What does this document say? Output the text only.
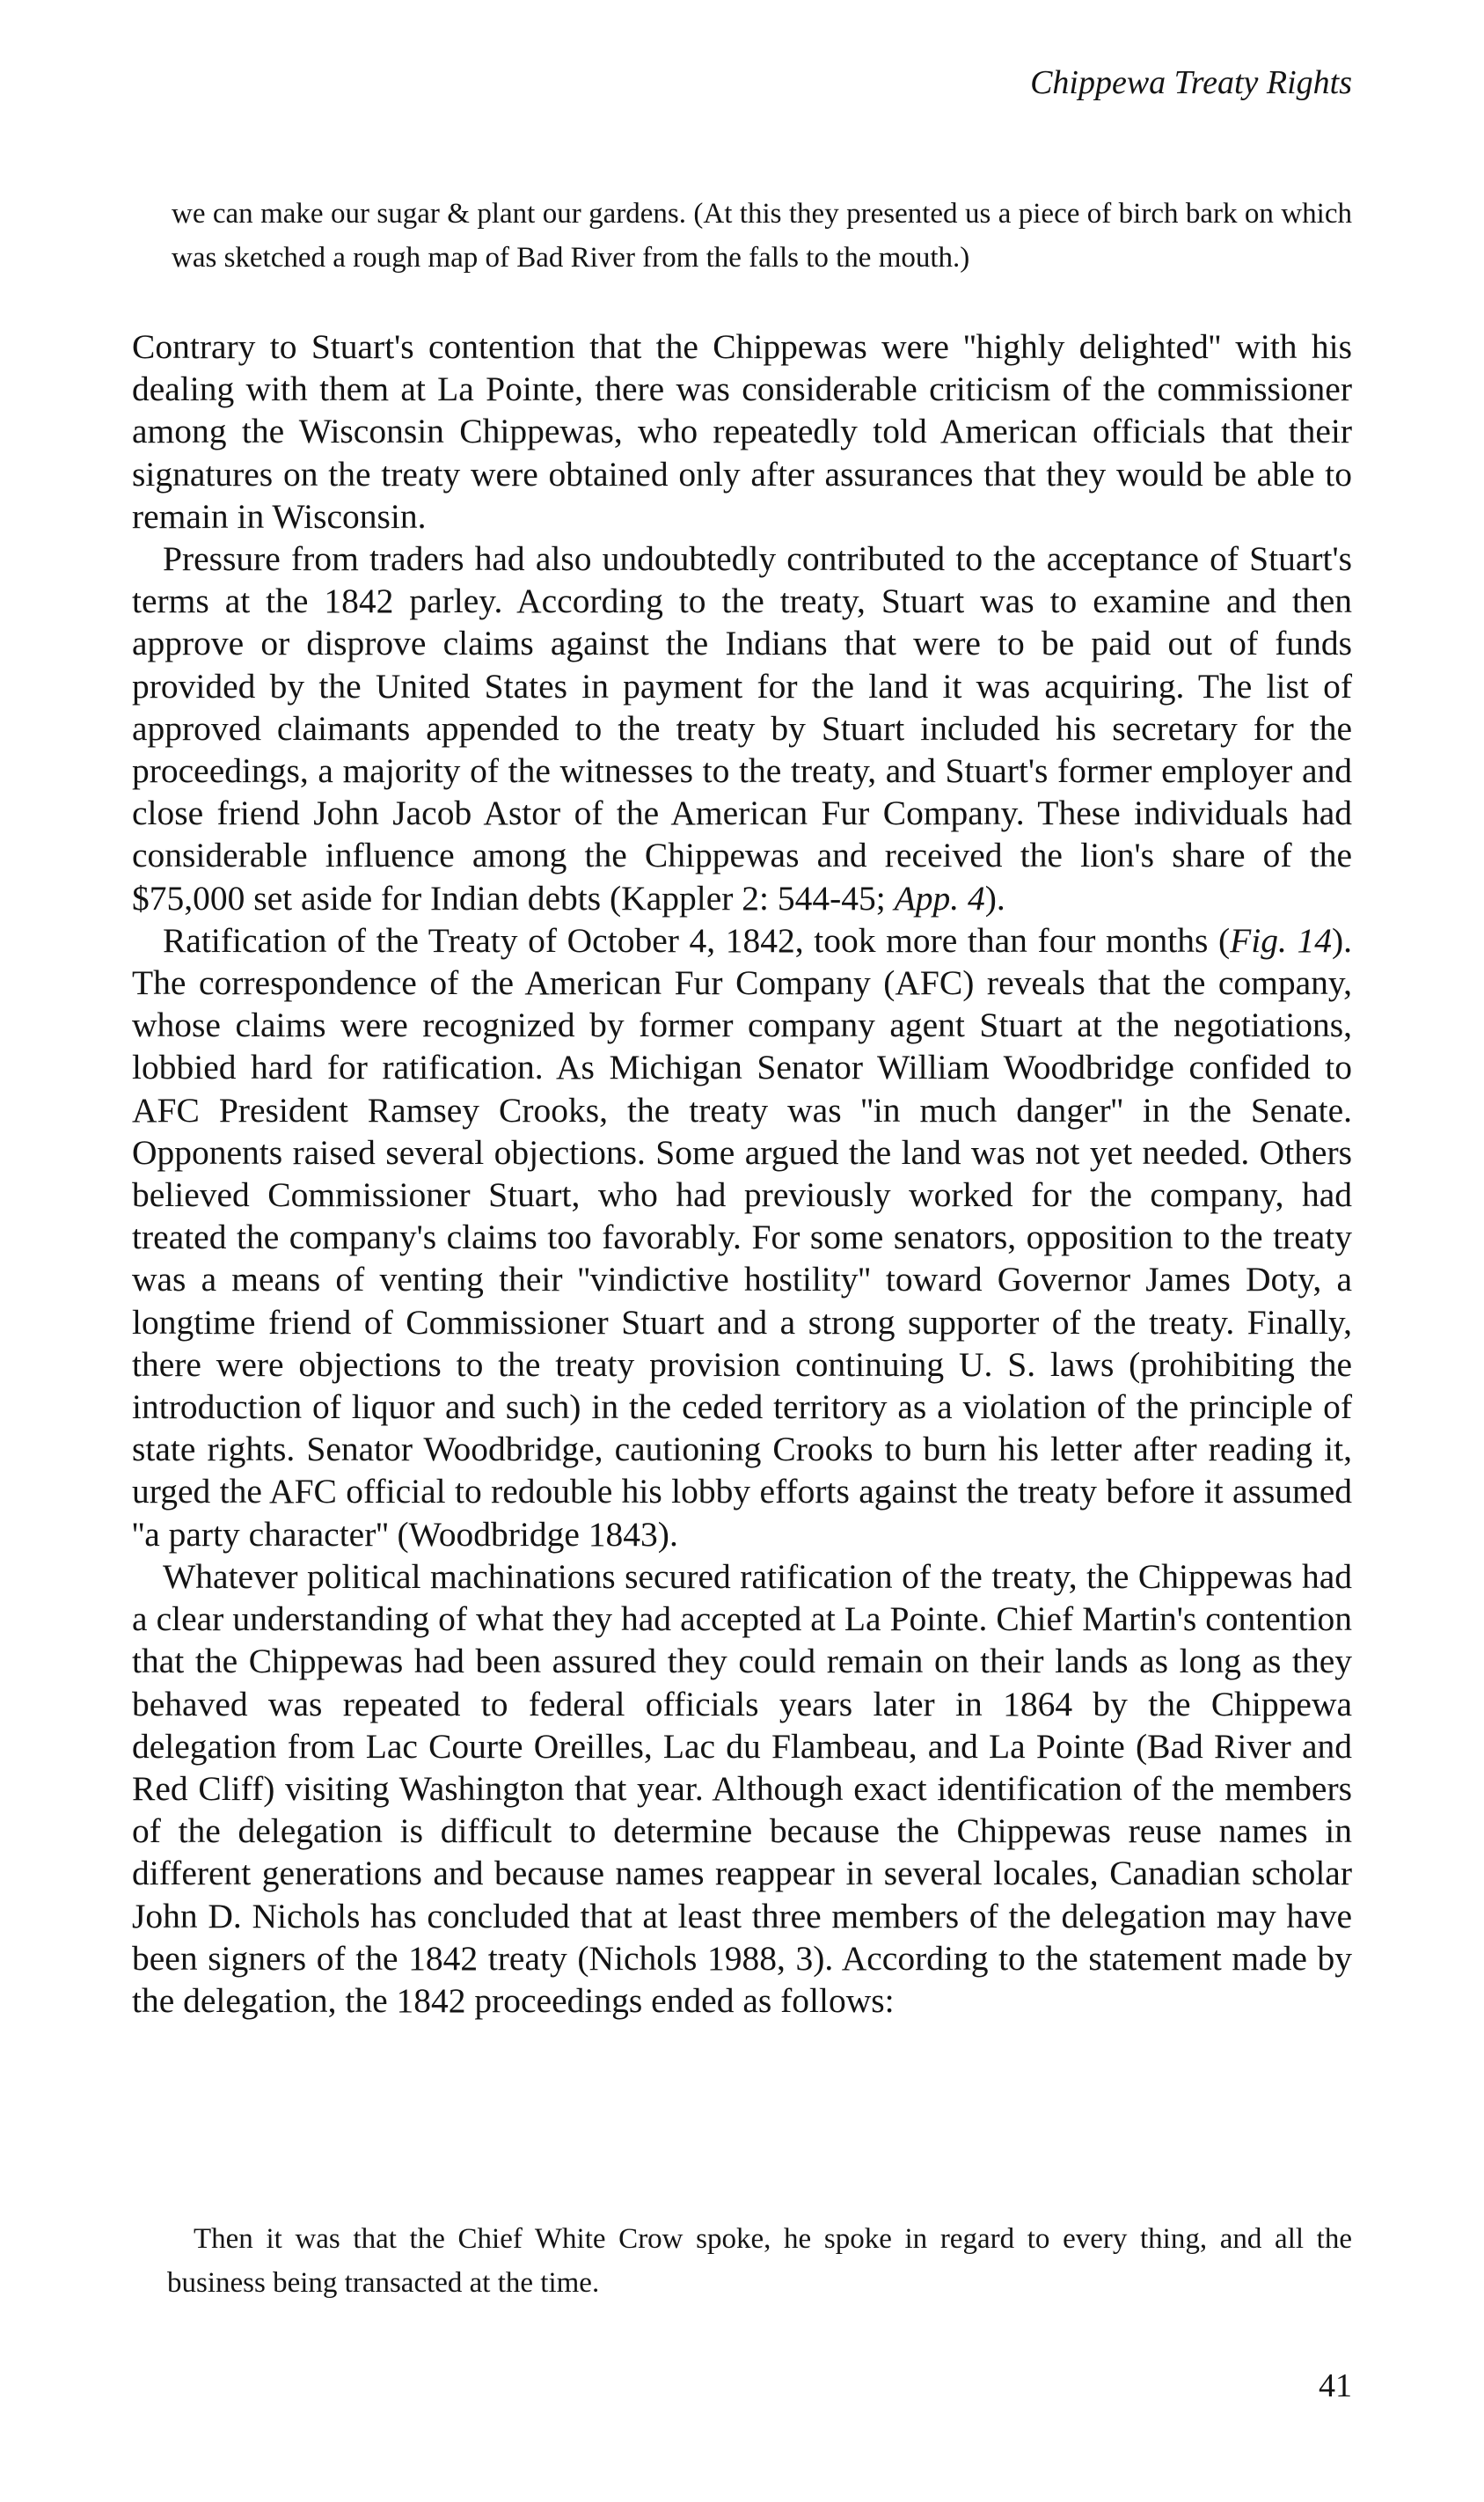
Chippewa Treaty Rights

we can make our sugar & plant our gardens. (At this they presented us a piece of birch bark on which was sketched a rough map of Bad River from the falls to the mouth.)

Contrary to Stuart's contention that the Chippewas were ''highly delighted'' with his dealing with them at La Pointe, there was considerable criticism of the commissioner among the Wisconsin Chippewas, who repeatedly told American officials that their signatures on the treaty were obtained only after assurances that they would be able to remain in Wisconsin.

Pressure from traders had also undoubtedly contributed to the acceptance of Stuart's terms at the 1842 parley. According to the treaty, Stuart was to examine and then approve or disprove claims against the Indians that were to be paid out of funds provided by the United States in payment for the land it was acquiring. The list of approved claimants appended to the treaty by Stuart included his secretary for the proceedings, a majority of the witnesses to the treaty, and Stuart's former employer and close friend John Jacob Astor of the American Fur Company. These individuals had considerable influence among the Chippewas and received the lion's share of the $75,000 set aside for Indian debts (Kappler 2: 544-45; App. 4).

Ratification of the Treaty of October 4, 1842, took more than four months (Fig. 14). The correspondence of the American Fur Company (AFC) reveals that the company, whose claims were recognized by former company agent Stuart at the negotiations, lobbied hard for ratification. As Michigan Senator William Woodbridge confided to AFC President Ramsey Crooks, the treaty was ''in much danger'' in the Senate. Opponents raised several objections. Some argued the land was not yet needed. Others believed Commissioner Stuart, who had previously worked for the company, had treated the company's claims too favorably. For some senators, opposition to the treaty was a means of venting their ''vindictive hostility'' toward Governor James Doty, a longtime friend of Commissioner Stuart and a strong supporter of the treaty. Finally, there were objections to the treaty provision continuing U. S. laws (prohibiting the introduction of liquor and such) in the ceded territory as a violation of the principle of state rights. Senator Woodbridge, cautioning Crooks to burn his letter after reading it, urged the AFC official to redouble his lobby efforts against the treaty before it assumed ''a party character'' (Woodbridge 1843).

Whatever political machinations secured ratification of the treaty, the Chippewas had a clear understanding of what they had accepted at La Pointe. Chief Martin's contention that the Chippewas had been assured they could remain on their lands as long as they behaved was repeated to federal officials years later in 1864 by the Chippewa delegation from Lac Courte Oreilles, Lac du Flambeau, and La Pointe (Bad River and Red Cliff) visiting Washington that year. Although exact identification of the members of the delegation is difficult to determine because the Chippewas reuse names in different generations and because names reappear in several locales, Canadian scholar John D. Nichols has concluded that at least three members of the delegation may have been signers of the 1842 treaty (Nichols 1988, 3). According to the statement made by the delegation, the 1842 proceedings ended as follows:

Then it was that the Chief White Crow spoke, he spoke in regard to every thing, and all the business being transacted at the time.

41
